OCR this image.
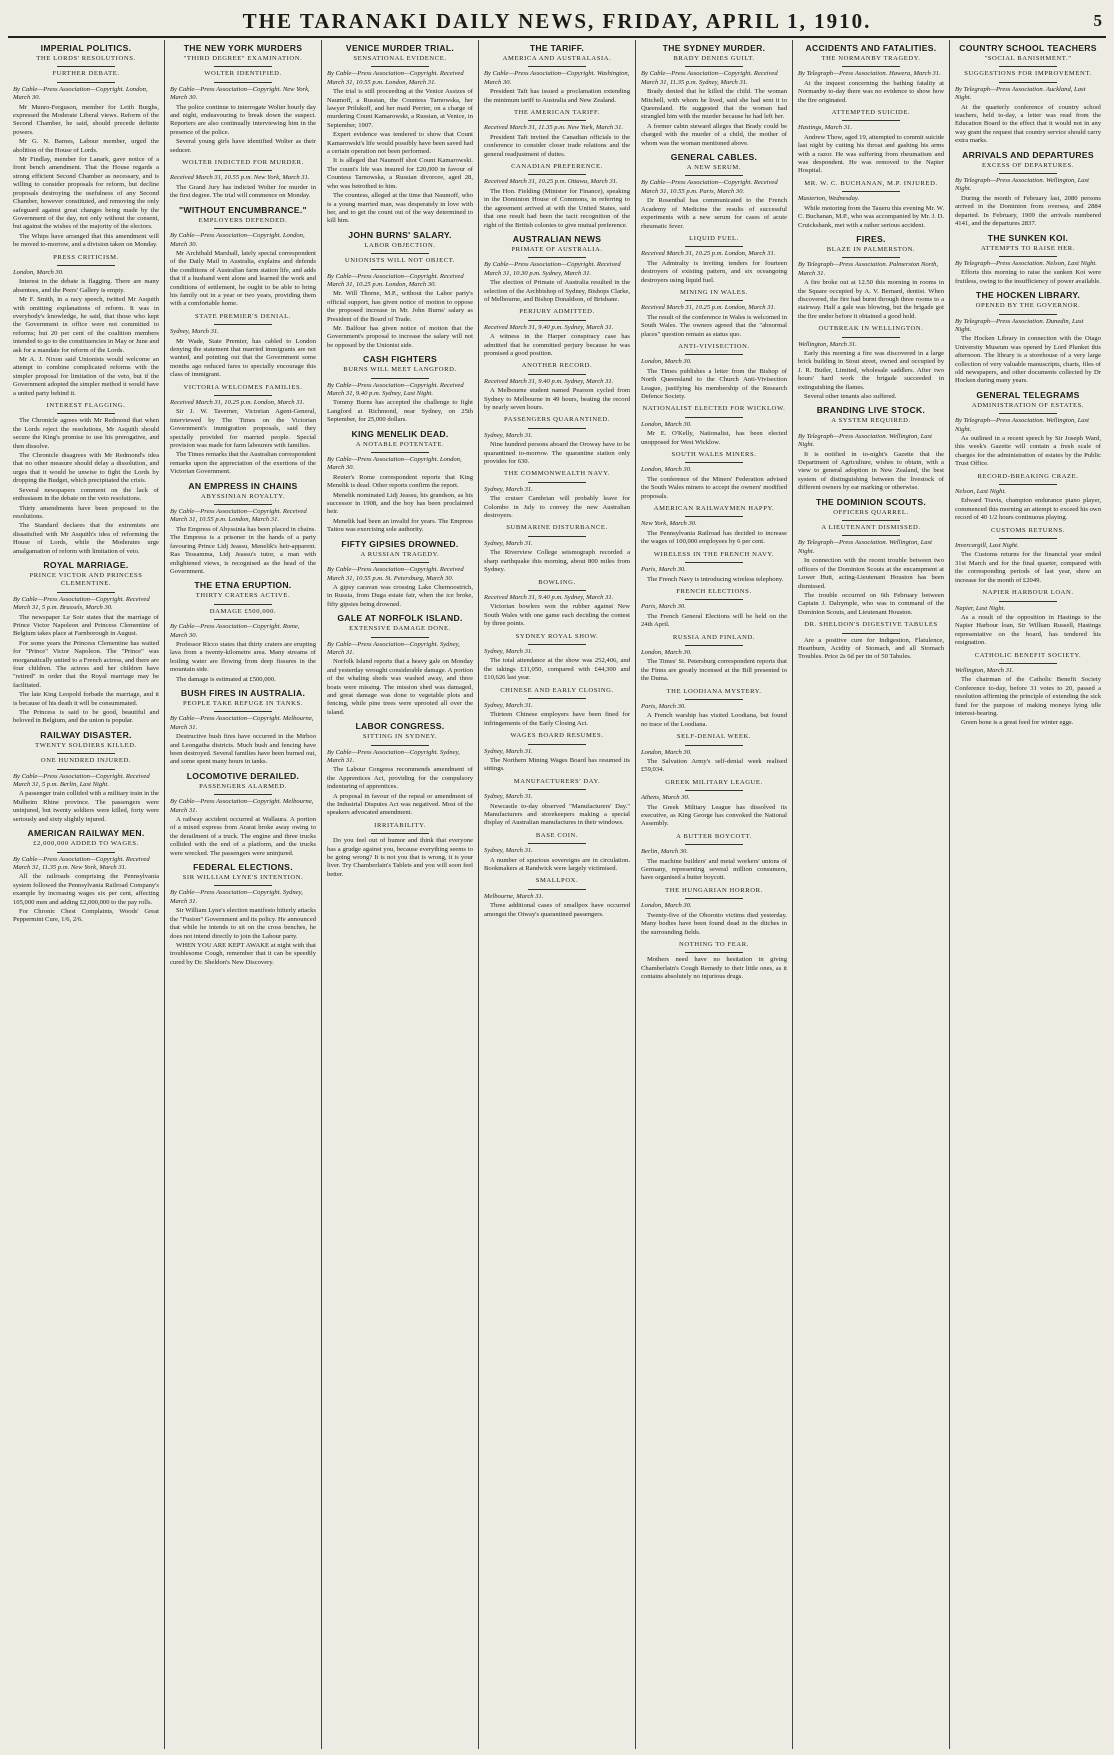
THE TARANAKI DAILY NEWS, FRIDAY, APRIL 1, 1910.	5
IMPERIAL POLITICS.
THE LORDS' RESOLUTIONS.
FURTHER DEBATE.
By Cable—Press Association—Copyright. London, March 30.

Mr Munro-Ferguson, member for Leith Burghs, expressed the Moderate Liberal views. Reform of the Second Chamber, he said, should precede definite powers.

Mr G. N. Barnes, Labour member, urged the abolition of the House of Lords.

Mr Findlay, member for Lanark, gave notice of a front bench amendment. That the House regards a strong efficient Second Chamber as necessary, and is willing to consider proposals for reform, but decline proposals destroying the usefulness of any Second Chamber, however constituted, and removing the only safeguard against great changes being made by the Government of the day, not only without the consent, but against the wishes of the majority of the electors.

The Whips have arranged that this amendment will be moved to-morrow, and a division taken on Monday.

PRESS CRITICISM.
London, March 30.

Interest in the debate is flagging. There are many absentees, and the Peers' Gallery is empty.

Mr F. Smith, in a racy speech, twitted Mr Asquith with omitting explanations of reform. It was in everybody's knowledge, he said, that those who kept the Government in office were not committed to reforms; but 20 per cent of the coalition members intended to go to the constituencies in May or June and ask for a mandate for reform of the Lords.

Mr A. J. Nixon said Unionists would welcome an attempt to combine complicated reforms with the simpler proposal for limitation of the veto, but if the Government adopted the simpler method it would have a united party behind it.

INTEREST FLAGGING.

The Chronicle agrees with Mr Redmond that when the Lords reject the resolutions, Mr Asquith should secure the King's promise to use his prerogative, and then dissolve.

The Chronicle disagrees with Mr Redmond's idea that no other measure should delay a dissolution, and urges that it would be unwise to fight the Lords by dropping the Budget, which precipitated the crisis.

Several newspapers comment on the lack of enthusiasm in the debate on the veto resolutions.

Thirty amendments have been proposed to the resolutions.

The Standard declares that the extremists are dissatisfied with Mr Asquith's idea of reforming the House of Lords, while the Moderates urge amalgamation of reform with limitation of veto.

ROYAL MARRIAGE.
PRINCE VICTOR AND PRINCESS CLEMENTINE.
By Cable—Press Association—Copyright. Received March 31, 5 p.m. Brussels, March 30.

The newspaper Le Soir states that the marriage of Prince Victor Napoleon and Princess Clementine of Belgium takes place at Farnborough in August.

For some years the Princess Clementine has waited for "Prince" Victor Napoleon. The "Prince" was morganatically united to a French actress, and there are four children. The actress and her children have "retired" in order that the Royal marriage may be facilitated.

The late King Leopold forbade the marriage, and it is because of his death it will be consummated.

The Princess is said to be good, beautiful and beloved in Belgium, and the union is popular.

RAILWAY DISASTER.
TWENTY SOLDIERS KILLED.
ONE HUNDRED INJURED.
By Cable—Press Association—Copyright. Received March 31, 5 p.m. Berlin, Last Night.

A passenger train collided with a military train in the Mulheim Rhine province. The passengers were uninjured, but twenty soldiers were killed, forty were seriously and sixty slightly injured.

AMERICAN RAILWAY MEN.
£2,000,000 ADDED TO WAGES.
By Cable—Press Association—Copyright. Received March 31, 11.35 p.m. New York, March 31.

All the railroads comprising the Pennsylvania system followed the Pennsylvania Railroad Company's example by increasing wages six per cent, affecting 105,000 men and adding £2,000,000 to the pay rolls.

For Chronic Chest Complaints, Woods' Great Peppermint Cure, 1/6, 2/6.

THE NEW YORK MURDERS
"THIRD DEGREE" EXAMINATION.
WOLTER IDENTIFIED.
By Cable—Press Association—Copyright. New York, March 30.

The police continue to interrogate Wolter hourly day and night, endeavouring to break down the suspect. Reporters are also continually interviewing him in the presence of the police.

Several young girls have identified Wolter as their seducer.

WOLTER INDICTED FOR MURDER.
Received March 31, 10.55 p.m. New York, March 31.

The Grand Jury has indicted Wolter for murder in the first degree. The trial will commence on Monday.

"WITHOUT ENCUMBRANCE."
EMPLOYERS DEFENDED.
By Cable—Press Association—Copyright. London, March 30.

Mr Archibald Marshall, lately special correspondent of the Daily Mail in Australia, explains and defends the conditions of Australian farm station life, and adds that if a husband went alone and learned the work and conditions of settlement, he ought to be able to bring his family out in a year or two years, providing them with a comfortable home.

STATE PREMIER'S DENIAL.
Sydney, March 31.

Mr Wade, State Premier, has cabled to London denying the statement that married immigrants are not wanted, and pointing out that the Government some months ago reduced fares to specially encourage this class of immigrant.

VICTORIA WELCOMES FAMILIES.
Received March 31, 10.25 p.m. London, March 31.

Sir J. W. Taverner, Victorian Agent-General, interviewed by The Times on the Victorian Government's immigration proposals, said they specially provided for married people. Special provision was made for farm labourers with families.

The Times remarks that the Australian correspondent remarks upon the appreciation of the exertions of the Victorian Government.

AN EMPRESS IN CHAINS
ABYSSINIAN ROYALTY.
By Cable—Press Association—Copyright. Received March 31, 10.55 p.m. London, March 31.

The Empress of Abyssinia has been placed in chains. The Empress is a prisoner in the hands of a party favouring Prince Lidj Jeassu, Menelik's heir-apparent. Ras Tessamma, Lidj Jeassu's tutor, a man with enlightened views, is recognised as the head of the Government.

THE ETNA ERUPTION.
THIRTY CRATERS ACTIVE.
DAMAGE £500,000.
By Cable—Press Association—Copyright. Rome, March 30.

Professor Ricco states that thirty craters are erupting lava from a twenty-kilometre area. Many streams of boiling water are flowing from deep fissures in the mountain side.

The damage is estimated at £500,000.

BUSH FIRES IN AUSTRALIA.
PEOPLE TAKE REFUGE IN TANKS.
By Cable—Press Association—Copyright. Melbourne, March 31.

Destructive bush fires have occurred in the Mirboo and Leongatha districts. Much bush and fencing have been destroyed. Several families have been burned out, and some spent many hours in tanks.

LOCOMOTIVE DERAILED.
PASSENGERS ALARMED.
By Cable—Press Association—Copyright. Melbourne, March 31.

A railway accident occurred at Wallaura. A portion of a mixed express from Ararat broke away owing to the derailment of a truck. The engine and three trucks collided with the end of a platform, and the trucks were wrecked. The passengers were uninjured.

FEDERAL ELECTIONS.
SIR WILLIAM LYNE'S INTENTION.
By Cable—Press Association—Copyright. Sydney, March 31.

Sir William Lyne's election manifesto bitterly attacks the "Fusion" Government and its policy. He announced that while he intends to sit on the cross benches, he does not intend directly to join the Labour party.

WHEN YOU ARE KEPT AWAKE at night with that troublesome Cough, remember that it can be speedily cured by Dr. Sheldon's New Discovery.

VENICE MURDER TRIAL.
SENSATIONAL EVIDENCE.
By Cable—Press Association—Copyright. Received March 31, 10.55 p.m. London, March 31.

The trial is still proceeding at the Venice Assizes of Naumoff, a Russian, the Countess Tarnowska, her lawyer Prilukoff, and her maid Perrier, on a charge of murdering Count Kamarowski, a Russian, at Venice, in September, 1907.

Expert evidence was tendered to show that Count Kamarowski's life would possibly have been saved had a certain operation not been performed.

It is alleged that Naumoff shot Count Kamarowski. The count's life was insured for £20,000 in favour of Countess Tarnowska, a Russian divorcee, aged 28, who was betrothed to him.

The countess, alleged at the time that Naumoff, who is a young married man, was desperately in love with her, and to get the count out of the way determined to kill him.

JOHN BURNS' SALARY.
LABOR OBJECTION.
UNIONISTS WILL NOT OBJECT.
By Cable—Press Association—Copyright. Received March 31, 10.25 p.m. London, March 30.

Mr. Will Thorne, M.P., without the Labor party's official support, has given notice of motion to oppose the proposed increase in Mr. John Burns' salary as President of the Board of Trade.

Mr. Balfour has given notice of motion that the Government's proposal to increase the salary will not be opposed by the Unionist side.

CASH FIGHTERS
BURNS WILL MEET LANGFORD.
By Cable—Press Association—Copyright. Received March 31, 9.40 p.m. Sydney, Last Night.

Tommy Burns has accepted the challenge to fight Langford at Richmond, near Sydney, on 25th September, for 25,000 dollars.

KING MENELIK DEAD.
A NOTABLE POTENTATE.
By Cable—Press Association—Copyright. London, March 30.

Reuter's Rome correspondent reports that King Menelik is dead. Other reports confirm the report.

Menelik nominated Lidj Jeassu, his grandson, as his successor in 1908, and the boy has been proclaimed heir.

Menelik had been an invalid for years. The Empress Taitou was exercising sole authority.

FIFTY GIPSIES DROWNED.
A RUSSIAN TRAGEDY.
By Cable—Press Association—Copyright. Received March 31, 10.55 p.m. St. Petersburg, March 30.

A gipsy caravan was crossing Lake Chernoostrich, in Russia, from Duga estate fair, when the ice broke, fifty gipsies being drowned.

GALE AT NORFOLK ISLAND.
EXTENSIVE DAMAGE DONE.
By Cable—Press Association—Copyright. Sydney, March 31.

Norfolk Island reports that a heavy gale on Monday and yesterday wrought considerable damage. A portion of the whaling sheds was washed away, and three boats were missing. The mission shed was damaged, and great damage was done to vegetable plots and fencing, while pine trees were uprooted all over the island.

LABOR CONGRESS.
SITTING IN SYDNEY.
By Cable—Press Association—Copyright. Sydney, March 31.

The Labour Congress recommends amendment of the Apprentices Act, providing for the compulsory indenturing of apprentices.

A proposal in favour of the repeal or amendment of the Industrial Disputes Act was negatived. Most of the speakers advocated amendment.

IRRITABILITY.

Do you feel out of humor and think that everyone has a grudge against you, because everything seems to be going wrong? It is not you that is wrong, it is your liver. Try Chamberlain's Tablets and you will soon feel better.

THE TARIFF.
AMERICA AND AUSTRALASIA.
By Cable—Press Association—Copyright. Washington, March 30.

President Taft has issued a proclamation extending the minimum tariff to Australia and New Zealand.

THE AMERICAN TARIFF.
Received March 31, 11.35 p.m. New York, March 31.

President Taft invited the Canadian officials to the conference to consider closer trade relations and the general readjustment of duties.

CANADIAN PREFERENCE.
Received March 31, 10.25 p.m. Ottawa, March 31.

The Hon. Fielding (Minister for Finance), speaking in the Dominion House of Commons, in referring to the agreement arrived at with the United States, said that one result had been the tacit recognition of the right of the British colonies to give mutual preference.

AUSTRALIAN NEWS
PRIMATE OF AUSTRALIA.
By Cable—Press Association—Copyright. Received March 31, 10.30 p.m. Sydney, March 31.

The election of Primate of Australia resulted in the selection of the Archbishop of Sydney, Bishops Clarke, of Melbourne, and Bishop Donaldson, of Brisbane.

PERJURY ADMITTED.
Received March 31, 9.40 p.m. Sydney, March 31.

A witness in the Harper conspiracy case has admitted that he committed perjury because he was promised a good position.

ANOTHER RECORD.
Received March 31, 9.40 p.m. Sydney, March 31.

A Melbourne student named Pearson cycled from Sydney to Melbourne in 49 hours, beating the record by nearly seven hours.

PASSENGERS QUARANTINED.
Sydney, March 31.

Nine hundred persons aboard the Oroway have to be quarantined to-morrow. The quarantine station only provides for 630.

THE COMMONWEALTH NAVY.
Sydney, March 31.

The cruiser Cambrian will probably leave for Colombo in July to convey the new Australian destroyers.

SUBMARINE DISTURBANCE.
Sydney, March 31.

The Riverview College seismograph recorded a sharp earthquake this morning, about 800 miles from Sydney.

BOWLING.
Received March 31, 9.40 p.m. Sydney, March 31.

Victorian bowlers won the rubber against New South Wales with one game each deciding the contest by three points.

SYDNEY ROYAL SHOW.
Sydney, March 31.

The total attendance at the show was 252,406, and the takings £11,050, compared with £44,300 and £10,626 last year.

CHINESE AND EARLY CLOSING.
Sydney, March 31.

Thirteen Chinese employers have been fined for infringements of the Early Closing Act.

WAGES BOARD RESUMES.
Sydney, March 31.

The Northern Mining Wages Board has resumed its sittings.

MANUFACTURERS' DAY.
Sydney, March 31.

Newcastle to-day observed "Manufacturers' Day." Manufacturers and storekeepers making a special display of Australian manufactures in their windows.

BASE COIN.
Sydney, March 31.

A number of spurious sovereigns are in circulation. Bookmakers at Randwick were largely victimised.

SMALLPOX.
Melbourne, March 31.

Three additional cases of smallpox have occurred amongst the Otway's quarantined passengers.

THE SYDNEY MURDER.
BRADY DENIES GUILT.
By Cable—Press Association—Copyright. Received March 31, 11.35 p.m. Sydney, March 31.

Brady denied that he killed the child. The woman Mitchell, with whom he lived, said she had sent it to Queensland. He suggested that the woman had strangled him with the murder because he had left her.

A former cabin steward alleges that Brady could be charged with the murder of a child, the mother of whom was the woman mentioned above.

GENERAL CABLES.
A NEW SERUM.
By Cable—Press Association—Copyright. Received March 31, 10.55 p.m. Paris, March 30.

Dr Rosenthal has communicated to the French Academy of Medicine the results of successful experiments with a new serum for cases of acute rheumatic fever.

LIQUID FUEL.
Received March 31, 10.25 p.m. London, March 31.

The Admiralty is inviting tenders for fourteen destroyers of existing pattern, and six oceangoing destroyers using liquid fuel.

MINING IN WALES.
Received March 31, 10.25 p.m. London, March 31.

The result of the conference in Wales is welcomed in South Wales. The owners agreed that the "abnormal places" question remain as status quo.

ANTI-VIVISECTION.
London, March 30.

The Times publishes a letter from the Bishop of North Queensland to the Church Anti-Vivisection League, justifying his membership of the Research Defence Society.

NATIONALIST ELECTED FOR WICKLOW.
London, March 30.

Mr E. O'Kelly, Nationalist, has been elected unopposed for West Wicklow.

SOUTH WALES MINERS.
London, March 30.

The conference of the Miners' Federation advised the South Wales miners to accept the owners' modified proposals.

AMERICAN RAILWAYMEN HAPPY.
New York, March 30.

The Pennsylvania Railroad has decided to increase the wages of 100,000 employees by 6 per cent.

WIRELESS IN THE FRENCH NAVY.
Paris, March 30.

The French Navy is introducing wireless telephony.

FRENCH ELECTIONS.
Paris, March 30.

The French General Elections will be held on the 24th April.

RUSSIA AND FINLAND.
London, March 30.

The Times' St. Petersburg correspondent reports that the Finns are greatly incensed at the Bill presented to the Duma.

THE LOODIANA MYSTERY.
Paris, March 30.

A French warship has visited Loodiana, but found no trace of the Loodiana.

SELF-DENIAL WEEK.
London, March 30.

The Salvation Army's self-denial week realised £59,034.

GREEK MILITARY LEAGUE.
Athens, March 30.

The Greek Military League has dissolved its executive, as King George has convoked the National Assembly.

A BUTTER BOYCOTT.
Berlin, March 30.

The machine builders' and metal workers' unions of Germany, representing several million consumers, have organised a butter boycott.

THE HUNGARIAN HORROR.
London, March 30.

Twenty-five of the Oborotto victims died yesterday. Many bodies have been found dead in the ditches in the surrounding fields.

NOTHING TO FEAR.

Mothers need have no hesitation in giving Chamberlain's Cough Remedy to their little ones, as it contains absolutely no injurious drugs.

ACCIDENTS AND FATALITIES.
THE NORMANBY TRAGEDY.
By Telegraph—Press Association. Hawera, March 31.

At the inquest concerning the bathing fatality at Normanby to-day there was no evidence to show how the fire originated.

ATTEMPTED SUICIDE.
Hastings, March 31.

Andrew Thow, aged 19, attempted to commit suicide last night by cutting his throat and gashing his arms with a razor. He was suffering from rheumatism and was despondent. He was removed to the Napier Hospital.

MR. W. C. BUCHANAN, M.P. INJURED.
Masterton, Wednesday.

While motoring from the Taueru this evening Mr. W. C. Buchanan, M.P., who was accompanied by Mr. J. D. Cruickshank, met with a rather serious accident.

FIRES.
BLAZE IN PALMERSTON.
By Telegraph—Press Association. Palmerston North, March 31.

A fire broke out at 12.50 this morning in rooms in the Square occupied by A. V. Bernard, dentist. When discovered, the fire had burnt through three rooms to a stairway. Half a gale was blowing, but the brigade got the fire under before it obtained a good hold.

OUTBREAK IN WELLINGTON.
Wellington, March 31.

Early this morning a fire was discovered in a large brick building in Stout street, owned and occupied by J. R. Butler, Limited, wholesale saddlers. After two hours' hard work the brigade succeeded in extinguishing the flames.

Several other tenants also suffered.

BRANDING LIVE STOCK.
A SYSTEM REQUIRED.
By Telegraph—Press Association. Wellington, Last Night.

It is notified in to-night's Gazette that the Department of Agriculture, wishes to obtain, with a view to general adoption in New Zealand, the best system of distinguishing between the livestock of different owners by ear marking or otherwise.

THE DOMINION SCOUTS.
OFFICERS QUARREL.
A LIEUTENANT DISMISSED.
By Telegraph—Press Association. Wellington, Last Night.

In connection with the recent trouble between two officers of the Dominion Scouts at the encampment at Lower Hutt, acting-Lieutenant Houston has been dismissed.

The trouble occurred on 6th February between Captain J. Dalrymple, who was in command of the Dominion Scouts, and Lieutenant Houston.

DR. SHELDON'S DIGESTIVE TABULES

Are a positive cure for Indigestion, Flatulence, Heartburn, Acidity of Stomach, and all Stomach Troubles. Price 2s 6d per tin of 50 Tabules.

COUNTRY SCHOOL TEACHERS
"SOCIAL BANISHMENT."
SUGGESTIONS FOR IMPROVEMENT.
By Telegraph—Press Association. Auckland, Last Night.

At the quarterly conference of country school teachers, held to-day, a letter was read from the Education Board to the effect that it would not in any way grant the request that country service should carry extra marks.

ARRIVALS AND DEPARTURES
EXCESS OF DEPARTURES.
By Telegraph—Press Association. Wellington, Last Night.

During the month of February last, 2080 persons arrived in the Dominion from oversea, and 2884 departed. In February, 1909 the arrivals numbered 4141, and the departures 2837.

THE SUNKEN KOI.
ATTEMPTS TO RAISE HER.
By Telegraph—Press Association. Nelson, Last Night.

Efforts this morning to raise the sunken Koi were fruitless, owing to the insufficiency of power available.

THE HOCKEN LIBRARY.
OPENED BY THE GOVERNOR.
By Telegraph—Press Association. Dunedin, Last Night.

The Hocken Library in connection with the Otago University Museum was opened by Lord Plunket this afternoon. The library is a storehouse of a very large collection of very valuable manuscripts, charts, files of old newspapers, and other documents collected by Dr Hocken during many years.

GENERAL TELEGRAMS
ADMINISTRATION OF ESTATES.
By Telegraph—Press Association. Wellington, Last Night.

As outlined in a recent speech by Sir Joseph Ward, this week's Gazette will contain a fresh scale of charges for the administration of estates by the Public Trust Office.

RECORD-BREAKING CRAZE.
Nelson, Last Night.

Edward Travis, champion endurance piano player, commenced this morning an attempt to exceed his own record of 40 1/2 hours continuous playing.

CUSTOMS RETURNS.
Invercargill, Last Night.

The Customs returns for the financial year ended 31st March and for the final quarter, compared with the corresponding periods of last year, show an increase for the month of £2049.

NAPIER HARBOUR LOAN.
Napier, Last Night.

As a result of the opposition in Hastings to the Napier Harbour loan, Sir William Russell, Hastings representative on the board, has tendered his resignation.

CATHOLIC BENEFIT SOCIETY.
Wellington, March 31.

The chairman of the Catholic Benefit Society Conference to-day, before 31 votes to 20, passed a resolution affirming the principle of extending the sick fund for the purpose of making moneys lying idle interest-bearing.

Green bone is a great feed for winter eggs.
